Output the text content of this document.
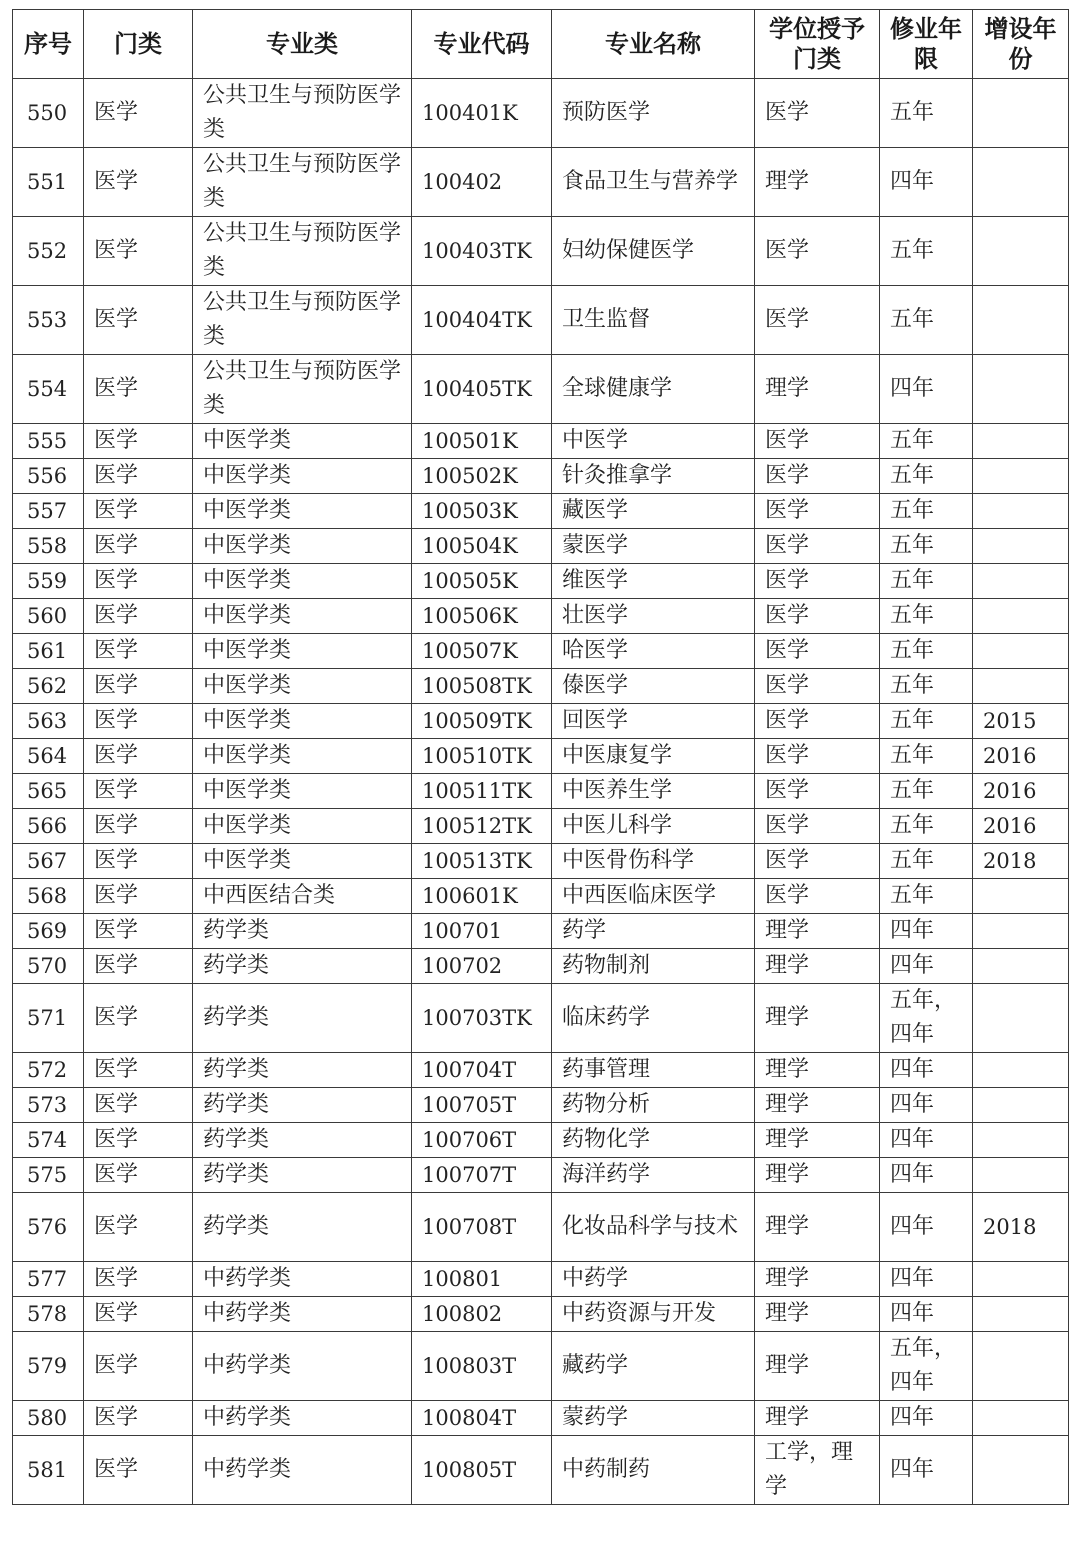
序号	门类	专业类	专业代码	专业名称	学位授予门类	修业年限	增设年份
550	医学	公共卫生与预防医学类	100401K	预防医学	医学	五年	
551	医学	公共卫生与预防医学类	100402	食品卫生与营养学	理学	四年	
552	医学	公共卫生与预防医学类	100403TK	妇幼保健医学	医学	五年	
553	医学	公共卫生与预防医学类	100404TK	卫生监督	医学	五年	
554	医学	公共卫生与预防医学类	100405TK	全球健康学	理学	四年	
555	医学	中医学类	100501K	中医学	医学	五年	
556	医学	中医学类	100502K	针灸推拿学	医学	五年	
557	医学	中医学类	100503K	藏医学	医学	五年	
558	医学	中医学类	100504K	蒙医学	医学	五年	
559	医学	中医学类	100505K	维医学	医学	五年	
560	医学	中医学类	100506K	壮医学	医学	五年	
561	医学	中医学类	100507K	哈医学	医学	五年	
562	医学	中医学类	100508TK	傣医学	医学	五年	
563	医学	中医学类	100509TK	回医学	医学	五年	2015
564	医学	中医学类	100510TK	中医康复学	医学	五年	2016
565	医学	中医学类	100511TK	中医养生学	医学	五年	2016
566	医学	中医学类	100512TK	中医儿科学	医学	五年	2016
567	医学	中医学类	100513TK	中医骨伤科学	医学	五年	2018
568	医学	中西医结合类	100601K	中西医临床医学	医学	五年	
569	医学	药学类	100701	药学	理学	四年	
570	医学	药学类	100702	药物制剂	理学	四年	
571	医学	药学类	100703TK	临床药学	理学	五年，四年	
572	医学	药学类	100704T	药事管理	理学	四年	
573	医学	药学类	100705T	药物分析	理学	四年	
574	医学	药学类	100706T	药物化学	理学	四年	
575	医学	药学类	100707T	海洋药学	理学	四年	
576	医学	药学类	100708T	化妆品科学与技术	理学	四年	2018
577	医学	中药学类	100801	中药学	理学	四年	
578	医学	中药学类	100802	中药资源与开发	理学	四年	
579	医学	中药学类	100803T	藏药学	理学	五年，四年	
580	医学	中药学类	100804T	蒙药学	理学	四年	
581	医学	中药学类	100805T	中药制药	工学，理学	四年	
